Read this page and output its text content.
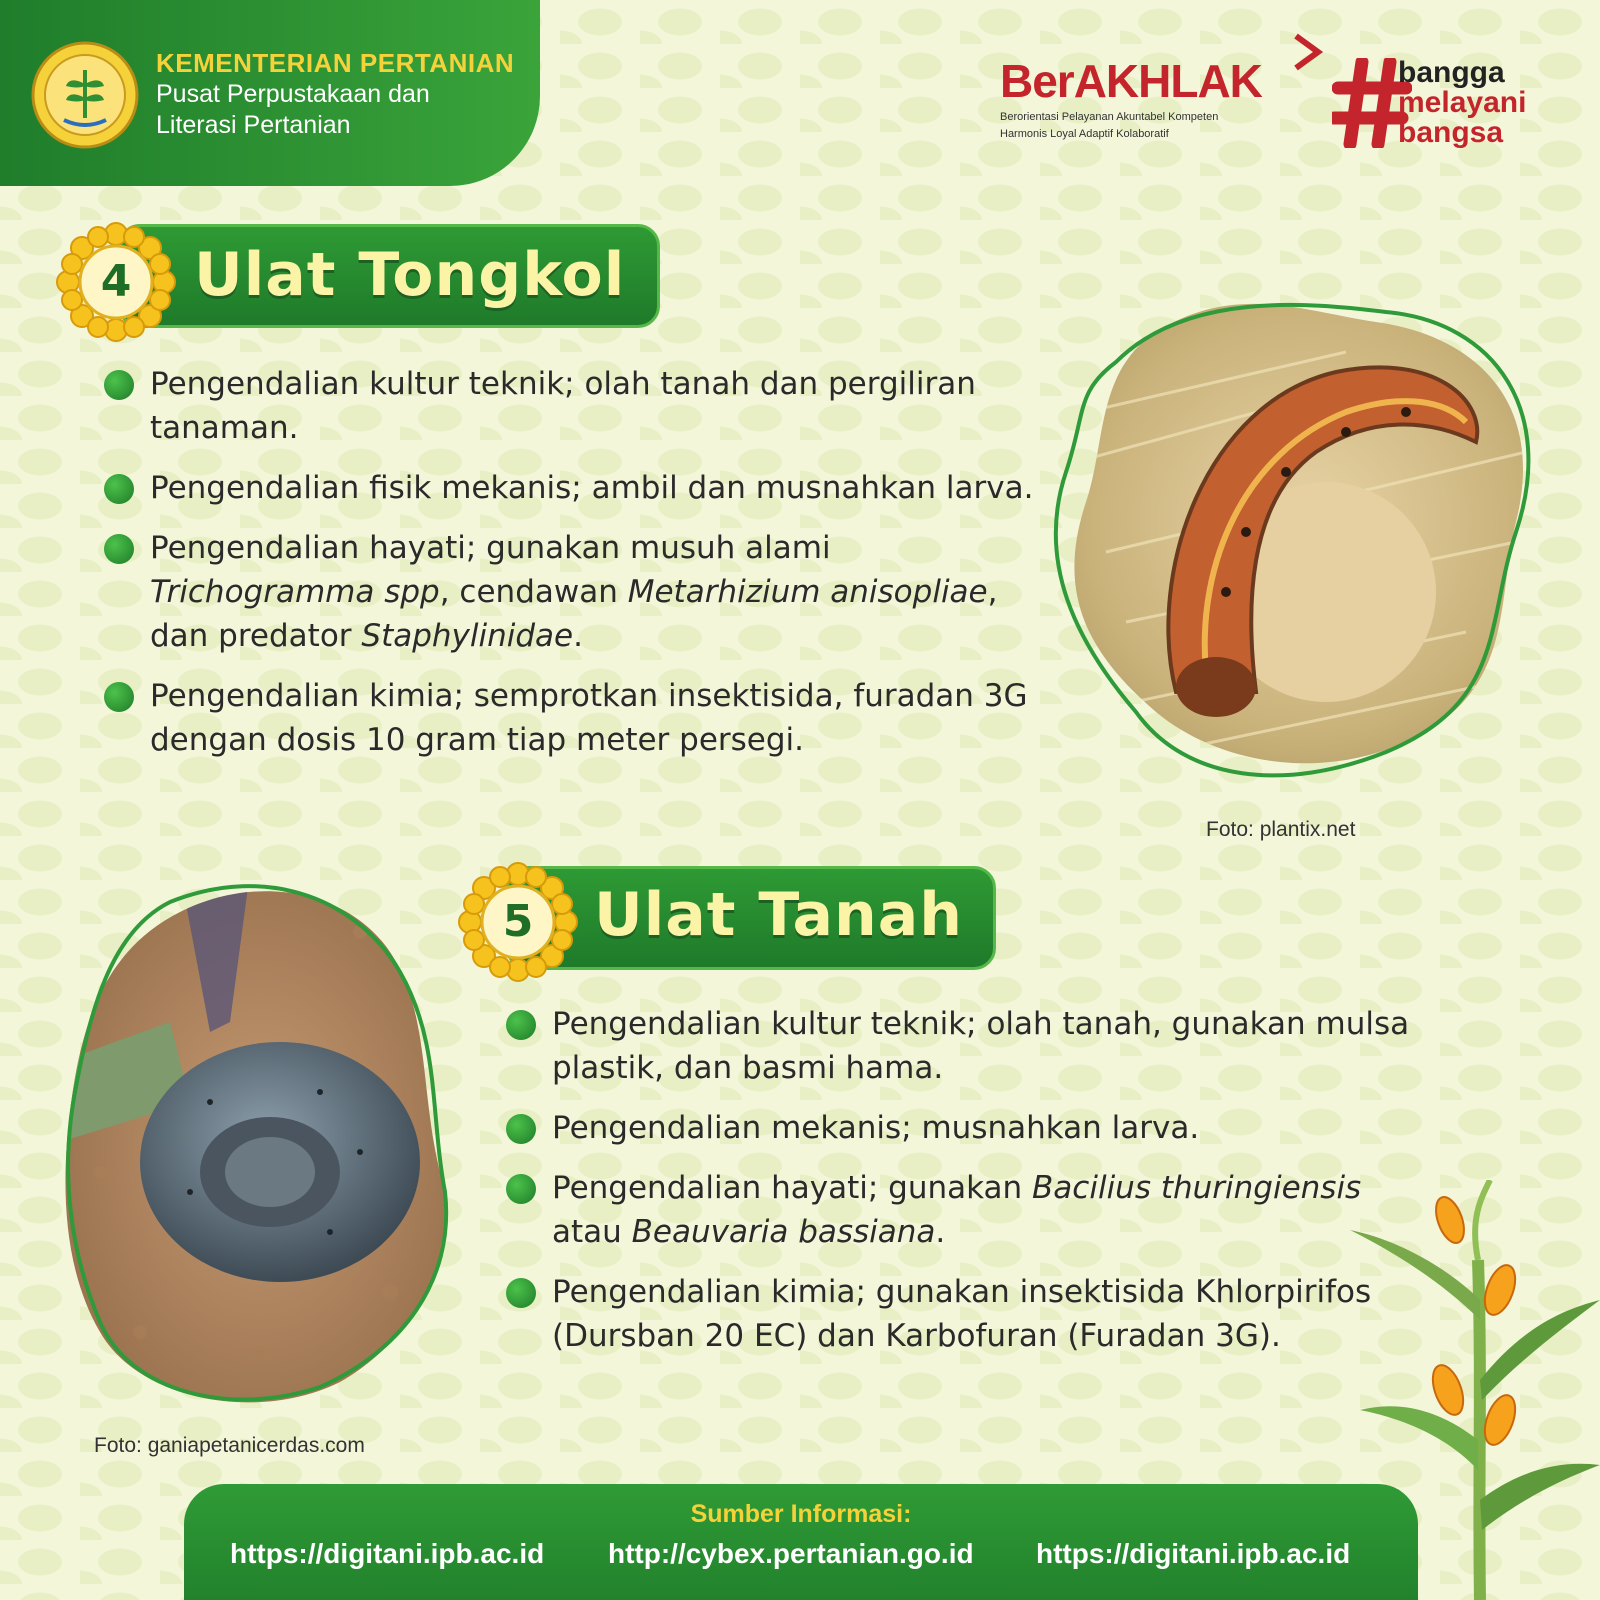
KEMENTERIAN PERTANIAN
Pusat Perpustakaan dan
Literasi Pertanian
BerAKHLAK
Berorientasi Pelayanan Akuntabel Kompeten
Harmonis Loyal Adaptif Kolaboratif
bangga
melayani
bangsa
4	Ulat Tongkol
Pengendalian kultur teknik; olah tanah dan pergiliran tanaman.
Pengendalian fisik mekanis; ambil dan musnahkan larva.
Pengendalian hayati; gunakan musuh alami Trichogramma spp, cendawan Metarhizium anisopliae, dan predator Staphylinidae.
Pengendalian kimia; semprotkan insektisida, furadan 3G dengan dosis 10 gram tiap meter persegi.
Foto: plantix.net
5	Ulat Tanah
Pengendalian kultur teknik; olah tanah, gunakan mulsa plastik, dan basmi hama.
Pengendalian mekanis; musnahkan larva.
Pengendalian hayati; gunakan Bacilius thuringiensis atau Beauvaria bassiana.
Pengendalian kimia; gunakan insektisida Khlorpirifos (Dursban 20 EC) dan Karbofuran (Furadan 3G).
Foto: ganiapetanicerdas.com
Sumber Informasi:
https://digitani.ipb.ac.id http://cybex.pertanian.go.id https://digitani.ipb.ac.id
